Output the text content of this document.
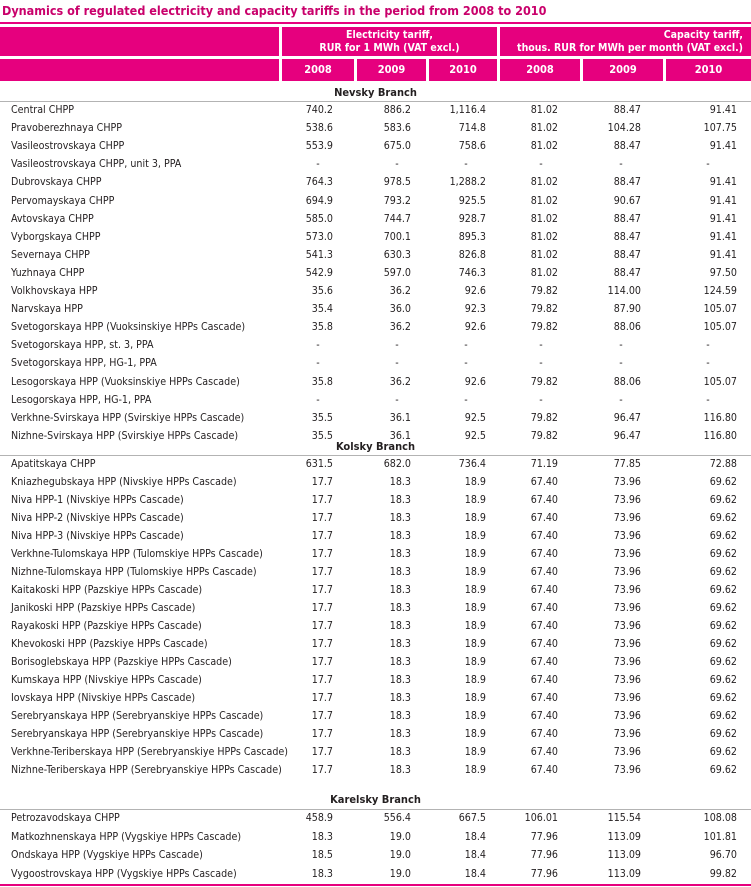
Dynamics of regulated electricity and capacity tariffs in the period from 2008 to 2010
Electricity tariff,
RUR for 1 MWh (VAT excl.)
Capacity tariff,
thous. RUR for MWh per month (VAT excl.)
2008	2009	2010	2008	2009	2010
Nevsky Branch
Central CHPP	740.2	886.2	1,116.4	81.02	88.47	91.41
Pravoberezhnaya CHPP	538.6	583.6	714.8	81.02	104.28	107.75
Vasileostrovskaya CHPP	553.9	675.0	758.6	81.02	88.47	91.41
Vasileostrovskaya CHPP, unit 3, PPA	-	-	-	-	-	-
Dubrovskaya CHPP	764.3	978.5	1,288.2	81.02	88.47	91.41
Pervomayskaya CHPP	694.9	793.2	925.5	81.02	90.67	91.41
Avtovskaya CHPP	585.0	744.7	928.7	81.02	88.47	91.41
Vyborgskaya CHPP	573.0	700.1	895.3	81.02	88.47	91.41
Severnaya CHPP	541.3	630.3	826.8	81.02	88.47	91.41
Yuzhnaya CHPP	542.9	597.0	746.3	81.02	88.47	97.50
Volkhovskaya HPP	35.6	36.2	92.6	79.82	114.00	124.59
Narvskaya HPP	35.4	36.0	92.3	79.82	87.90	105.07
Svetogorskaya HPP (Vuoksinskiye HPPs Cascade)	35.8	36.2	92.6	79.82	88.06	105.07
Svetogorskaya HPP, st. 3, PPA	-	-	-	-	-	-
Svetogorskaya HPP, HG-1, PPA	-	-	-	-	-	-
Lesogorskaya HPP (Vuoksinskiye HPPs Cascade)	35.8	36.2	92.6	79.82	88.06	105.07
Lesogorskaya HPP, HG-1, PPA	-	-	-	-	-	-
Verkhne-Svirskaya HPP (Svirskiye HPPs Cascade)	35.5	36.1	92.5	79.82	96.47	116.80
Nizhne-Svirskaya HPP (Svirskiye HPPs Cascade)	35.5	36.1	92.5	79.82	96.47	116.80
Kolsky Branch
Apatitskaya CHPP	631.5	682.0	736.4	71.19	77.85	72.88
Kniazhegubskaya HPP (Nivskiye HPPs Cascade)	17.7	18.3	18.9	67.40	73.96	69.62
Niva HPP-1 (Nivskiye HPPs Cascade)	17.7	18.3	18.9	67.40	73.96	69.62
Niva HPP-2 (Nivskiye HPPs Cascade)	17.7	18.3	18.9	67.40	73.96	69.62
Niva HPP-3 (Nivskiye HPPs Cascade)	17.7	18.3	18.9	67.40	73.96	69.62
Verkhne-Tulomskaya HPP (Tulomskiye HPPs Cascade)	17.7	18.3	18.9	67.40	73.96	69.62
Nizhne-Tulomskaya HPP (Tulomskiye HPPs Cascade)	17.7	18.3	18.9	67.40	73.96	69.62
Kaitakoski HPP (Pazskiye HPPs Cascade)	17.7	18.3	18.9	67.40	73.96	69.62
Janikoski HPP (Pazskiye HPPs Cascade)	17.7	18.3	18.9	67.40	73.96	69.62
Rayakoski HPP (Pazskiye HPPs Cascade)	17.7	18.3	18.9	67.40	73.96	69.62
Khevokoski HPP (Pazskiye HPPs Cascade)	17.7	18.3	18.9	67.40	73.96	69.62
Borisoglebskaya HPP (Pazskiye HPPs Cascade)	17.7	18.3	18.9	67.40	73.96	69.62
Kumskaya HPP (Nivskiye HPPs Cascade)	17.7	18.3	18.9	67.40	73.96	69.62
Iovskaya HPP (Nivskiye HPPs Cascade)	17.7	18.3	18.9	67.40	73.96	69.62
Serebryanskaya HPP (Serebryanskiye HPPs Cascade)	17.7	18.3	18.9	67.40	73.96	69.62
Serebryanskaya HPP (Serebryanskiye HPPs Cascade)	17.7	18.3	18.9	67.40	73.96	69.62
Verkhne-Teriberskaya HPP (Serebryanskiye HPPs Cascade) 17.7	18.3	18.9	67.40	73.96	69.62
Nizhne-Teriberskaya HPP (Serebryanskiye HPPs Cascade)	17.7	18.3	18.9	67.40	73.96	69.62
Karelsky Branch
Petrozavodskaya CHPP	458.9	556.4	667.5	106.01	115.54	108.08
Matkozhnenskaya HPP (Vygskiye HPPs Cascade)	18.3	19.0	18.4	77.96	113.09	101.81
Ondskaya HPP (Vygskiye HPPs Cascade)	18.5	19.0	18.4	77.96	113.09	96.70
Vygoostrovskaya HPP (Vygskiye HPPs Cascade)	18.3	19.0	18.4	77.96	113.09	99.82
